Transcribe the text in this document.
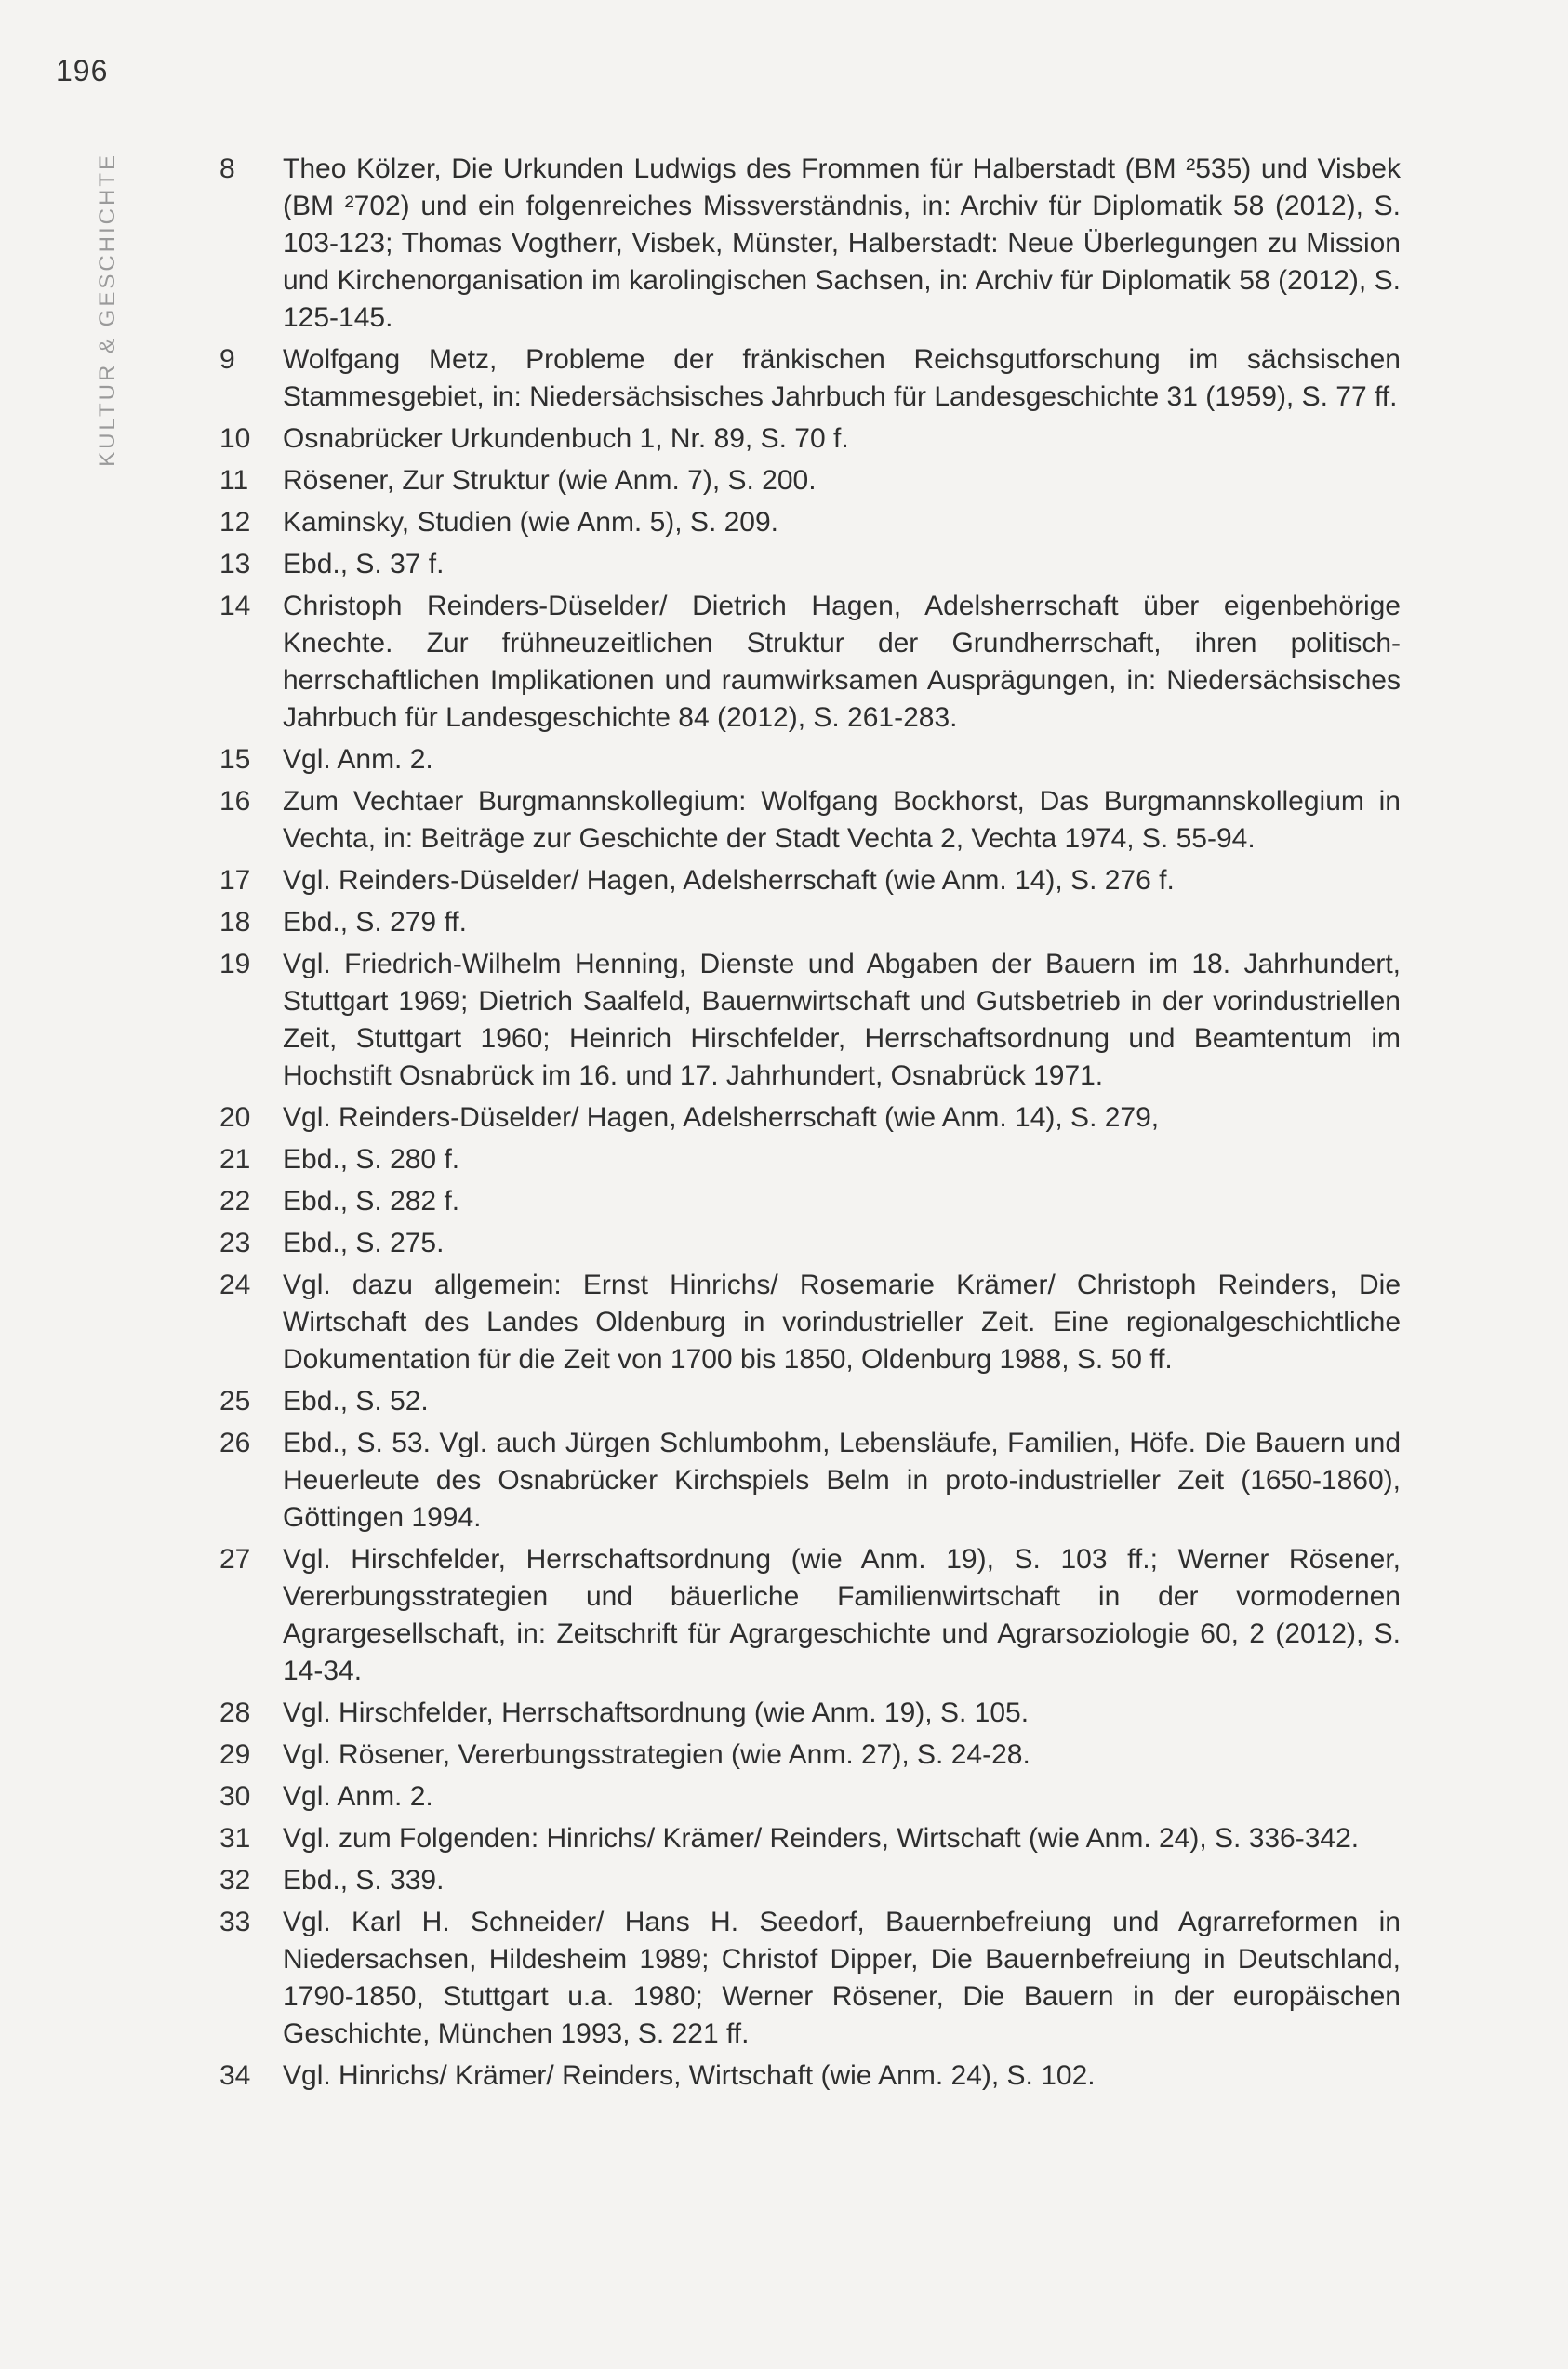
196
KULTUR & GESCHICHTE	8	Theo Kölzer, Die Urkunden Ludwigs des Frommen für Halberstadt (BM ²535) und Visbek (BM ²702) und ein folgenreiches Missverständnis, in: Archiv für Diplomatik 58 (2012), S. 103-123; Thomas Vogtherr, Visbek, Münster, Halberstadt: Neue Überlegungen zu Mission und Kirchenorganisation im karolingischen Sachsen, in: Archiv für Diplomatik 58 (2012), S. 125-145.
9	Wolfgang Metz, Probleme der fränkischen Reichsgutforschung im sächsischen Stammesgebiet, in: Niedersächsisches Jahrbuch für Landesgeschichte 31 (1959), S. 77 ff.
10	Osnabrücker Urkundenbuch 1, Nr. 89, S. 70 f.
11	Rösener, Zur Struktur (wie Anm. 7), S. 200.
12	Kaminsky, Studien (wie Anm. 5), S. 209.
13	Ebd., S. 37 f.
14	Christoph Reinders-Düselder/ Dietrich Hagen, Adelsherrschaft über eigenbehörige Knechte. Zur frühneuzeitlichen Struktur der Grundherrschaft, ihren politisch-herrschaftlichen Implikationen und raumwirksamen Ausprägungen, in: Niedersächsisches Jahrbuch für Landesgeschichte 84 (2012), S. 261-283.
15	Vgl. Anm. 2.
16	Zum Vechtaer Burgmannskollegium: Wolfgang Bockhorst, Das Burgmannskollegium in Vechta, in: Beiträge zur Geschichte der Stadt Vechta 2, Vechta 1974, S. 55-94.
17	Vgl. Reinders-Düselder/ Hagen, Adelsherrschaft (wie Anm. 14), S. 276 f.
18	Ebd., S. 279 ff.
19	Vgl. Friedrich-Wilhelm Henning, Dienste und Abgaben der Bauern im 18. Jahrhundert, Stuttgart 1969; Dietrich Saalfeld, Bauernwirtschaft und Gutsbetrieb in der vorindustriellen Zeit, Stuttgart 1960; Heinrich Hirschfelder, Herrschaftsordnung und Beamtentum im Hochstift Osnabrück im 16. und 17. Jahrhundert, Osnabrück 1971.
20	Vgl. Reinders-Düselder/ Hagen, Adelsherrschaft (wie Anm. 14), S. 279,
21	Ebd., S. 280 f.
22	Ebd., S. 282 f.
23	Ebd., S. 275.
24	Vgl. dazu allgemein: Ernst Hinrichs/ Rosemarie Krämer/ Christoph Reinders, Die Wirtschaft des Landes Oldenburg in vorindustrieller Zeit. Eine regionalgeschichtliche Dokumentation für die Zeit von 1700 bis 1850, Oldenburg 1988, S. 50 ff.
25	Ebd., S. 52.
26	Ebd., S. 53. Vgl. auch Jürgen Schlumbohm, Lebensläufe, Familien, Höfe. Die Bauern und Heuerleute des Osnabrücker Kirchspiels Belm in proto-industrieller Zeit (1650-1860), Göttingen 1994.
27	Vgl. Hirschfelder, Herrschaftsordnung (wie Anm. 19), S. 103 ff.; Werner Rösener, Vererbungsstrategien und bäuerliche Familienwirtschaft in der vormodernen Agrargesellschaft, in: Zeitschrift für Agrargeschichte und Agrarsoziologie 60, 2 (2012), S. 14-34.
28	Vgl. Hirschfelder, Herrschaftsordnung (wie Anm. 19), S. 105.
29	Vgl. Rösener, Vererbungsstrategien (wie Anm. 27), S. 24-28.
30	Vgl. Anm. 2.
31	Vgl. zum Folgenden: Hinrichs/ Krämer/ Reinders, Wirtschaft (wie Anm. 24), S. 336-342.
32	Ebd., S. 339.
33	Vgl. Karl H. Schneider/ Hans H. Seedorf, Bauernbefreiung und Agrarreformen in Niedersachsen, Hildesheim 1989; Christof Dipper, Die Bauernbefreiung in Deutschland, 1790-1850, Stuttgart u.a. 1980; Werner Rösener, Die Bauern in der europäischen Geschichte, München 1993, S. 221 ff.
34	Vgl. Hinrichs/ Krämer/ Reinders, Wirtschaft (wie Anm. 24), S. 102.
